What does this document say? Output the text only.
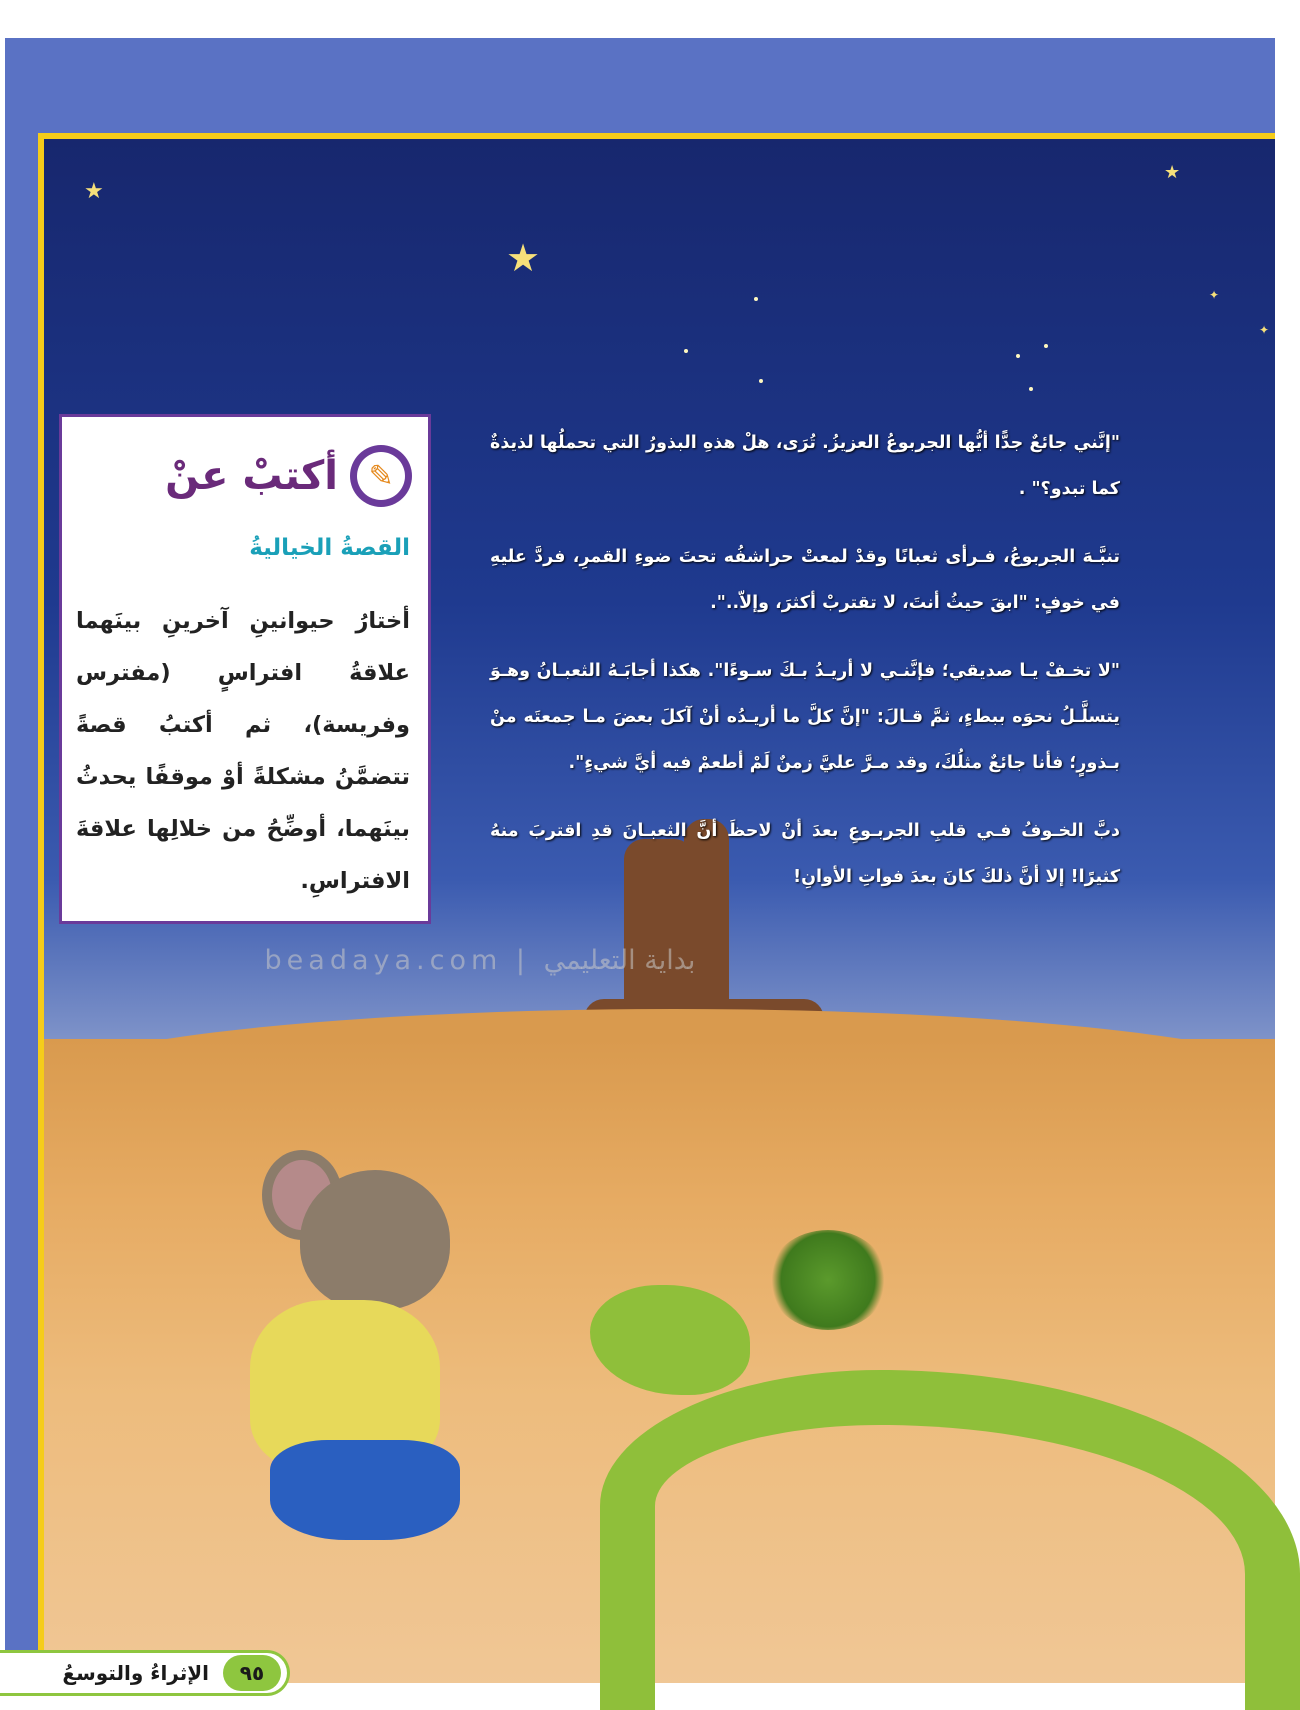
★
★
★
✦
✦

"إنَّني جائعٌ جدًّا أيُّها الجربوعُ العزيزُ. تُرَى، هلْ هذهِ البذورُ التي تحملُها لذيذةٌ كما تبدو؟" .

تنبَّـهَ الجربوعُ، فـرأى ثعبانًا وقدْ لمعتْ حراشفُه تحتَ ضوءِ القمرِ، فردَّ عليهِ في خوفٍ: "ابقَ حيثُ أنتَ، لا تقتربْ أكثرَ، وإلاّ..".

"لا تخـفْ يـا صديقي؛ فإنَّنـي لا أريـدُ بـكَ سـوءًا". هكذا أجابَـهُ الثعبـانُ وهـوَ يتسلَّـلُ نحوَه ببطءٍ، ثمَّ قـالَ: "إنَّ كلَّ ما أريـدُه أنْ آكلَ بعضَ مـا جمعتَه منْ بـذورٍ؛ فأنا جائعٌ مثلُكَ، وقد مـرَّ عليَّ زمنٌ لَمْ أطعمْ فيه أيَّ شيءٍ".

دبَّ الخـوفُ فـي قلبِ الجربـوعِ بعدَ أنْ لاحظَ أنَّ الثعبـانَ قدِ اقتربَ منهُ كثيرًا! إلا أنَّ ذلكَ كانَ بعدَ فواتِ الأوانِ!

✎
أكتبْ عنْ
القصةُ الخياليةُ
أختارُ حيوانينِ آخرينِ بينَهما علاقةُ افتراسٍ (مفترس وفريسة)، ثم أكتبُ قصةً تتضمَّنُ مشكلةً أوْ موقفًا يحدثُ بينَهما، أوضِّحُ من خلالِها علاقةَ الافتراسِ.
beadaya.com | بداية التعليمي
٩٥
الإثراءُ والتوسعُ
